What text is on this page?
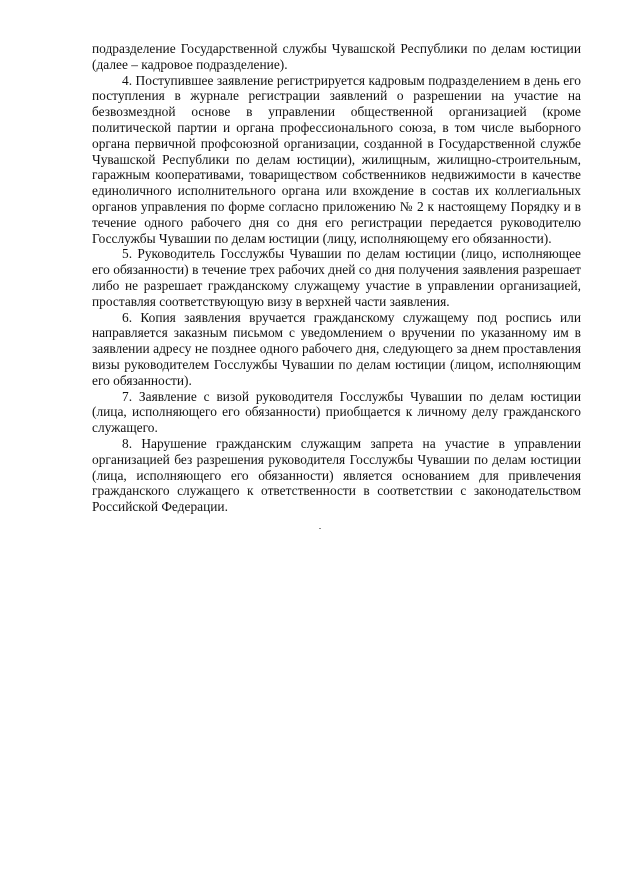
подразделение Государственной службы Чувашской Республики по делам юстиции (далее – кадровое подразделение).

4. Поступившее заявление регистрируется кадровым подразделением в день его поступления в журнале регистрации заявлений о разрешении на участие на безвозмездной основе в управлении общественной организацией (кроме политической партии и органа профессионального союза, в том числе выборного органа первичной профсоюзной организации, созданной в Государственной службе Чувашской Республики по делам юстиции), жилищным, жилищно-строительным, гаражным кооперативами, товариществом собственников недвижимости в качестве единоличного исполнительного органа или вхождение в состав их коллегиальных органов управления по форме согласно приложению № 2 к настоящему Порядку и в течение одного рабочего дня со дня его регистрации передается руководителю Госслужбы Чувашии по делам юстиции (лицу, исполняющему его обязанности).

5. Руководитель Госслужбы Чувашии по делам юстиции (лицо, исполняющее его обязанности) в течение трех рабочих дней со дня получения заявления разрешает либо не разрешает гражданскому служащему участие в управлении организацией, проставляя соответствующую визу в верхней части заявления.

6. Копия заявления вручается гражданскому служащему под роспись или направляется заказным письмом с уведомлением о вручении по указанному им в заявлении адресу не позднее одного рабочего дня, следующего за днем проставления визы руководителем Госслужбы Чувашии по делам юстиции (лицом, исполняющим его обязанности).

7. Заявление с визой руководителя Госслужбы Чувашии по делам юстиции (лица, исполняющего его обязанности) приобщается к личному делу гражданского служащего.

8. Нарушение гражданским служащим запрета на участие в управлении организацией без разрешения руководителя Госслужбы Чувашии по делам юстиции (лица, исполняющего его обязанности) является основанием для привлечения гражданского служащего к ответственности в соответствии с законодательством Российской Федерации.
